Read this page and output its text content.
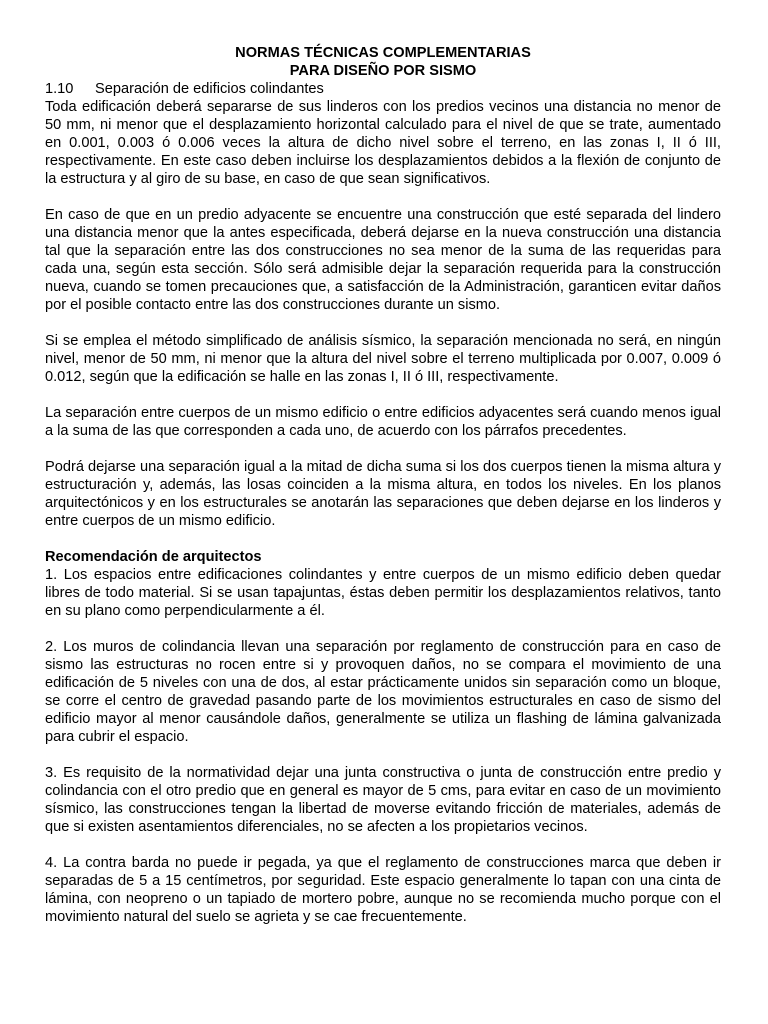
NORMAS TÉCNICAS COMPLEMENTARIAS

PARA DISEÑO POR SISMO

1.10 Separación de edificios colindantes

Toda edificación deberá separarse de sus linderos con los predios vecinos una distancia no menor de 50 mm, ni menor que el desplazamiento horizontal calculado para el nivel de que se trate, aumentado en 0.001, 0.003 ó 0.006 veces la altura de dicho nivel sobre el terreno, en las zonas I, II ó III, respectivamente. En este caso deben incluirse los desplazamientos debidos a la flexión de conjunto de la estructura y al giro de su base, en caso de que sean significativos.

En caso de que en un predio adyacente se encuentre una construcción que esté separada del lindero una distancia menor que la antes especificada, deberá dejarse en la nueva construcción una distancia tal que la separación entre las dos construcciones no sea menor de la suma de las requeridas para cada una, según esta sección. Sólo será admisible dejar la separación requerida para la construcción nueva, cuando se tomen precauciones que, a satisfacción de la Administración, garanticen evitar daños por el posible contacto entre las dos construcciones durante un sismo.

Si se emplea el método simplificado de análisis sísmico, la separación mencionada no será, en ningún nivel, menor de 50 mm, ni menor que la altura del nivel sobre el terreno multiplicada por 0.007, 0.009 ó 0.012, según que la edificación se halle en las zonas I, II ó III, respectivamente.

La separación entre cuerpos de un mismo edificio o entre edificios adyacentes será cuando menos igual a la suma de las que corresponden a cada uno, de acuerdo con los párrafos precedentes.

Podrá dejarse una separación igual a la mitad de dicha suma si los dos cuerpos tienen la misma altura y estructuración y, además, las losas coinciden a la misma altura, en todos los niveles. En los planos arquitectónicos y en los estructurales se anotarán las separaciones que deben dejarse en los linderos y entre cuerpos de un mismo edificio.

Recomendación de arquitectos

1. Los espacios entre edificaciones colindantes y entre cuerpos de un mismo edificio deben quedar libres de todo material. Si se usan tapajuntas, éstas deben permitir los desplazamientos relativos, tanto en su plano como perpendicularmente a él.

2. Los muros de colindancia llevan una separación por reglamento de construcción para en caso de sismo las estructuras no rocen entre si y provoquen daños, no se compara el movimiento de una edificación de 5 niveles con una de dos, al estar prácticamente unidos sin separación como un bloque, se corre el centro de gravedad pasando parte de los movimientos estructurales en caso de sismo del edificio mayor al menor causándole daños, generalmente se utiliza un flashing de lámina galvanizada para cubrir el espacio.

3. Es requisito de la normatividad dejar una junta constructiva o junta de construcción entre predio y colindancia con el otro predio que en general es mayor de 5 cms, para evitar en caso de un movimiento sísmico, las construcciones tengan la libertad de moverse evitando fricción de materiales, además de que si existen asentamientos diferenciales, no se afecten a los propietarios vecinos.

4. La contra barda no puede ir pegada, ya que el reglamento de construcciones marca que deben ir separadas de 5 a 15 centímetros, por seguridad. Este espacio generalmente lo tapan con una cinta de lámina, con neopreno o un tapiado de mortero pobre, aunque no se recomienda mucho porque con el movimiento natural del suelo se agrieta y se cae frecuentemente.
